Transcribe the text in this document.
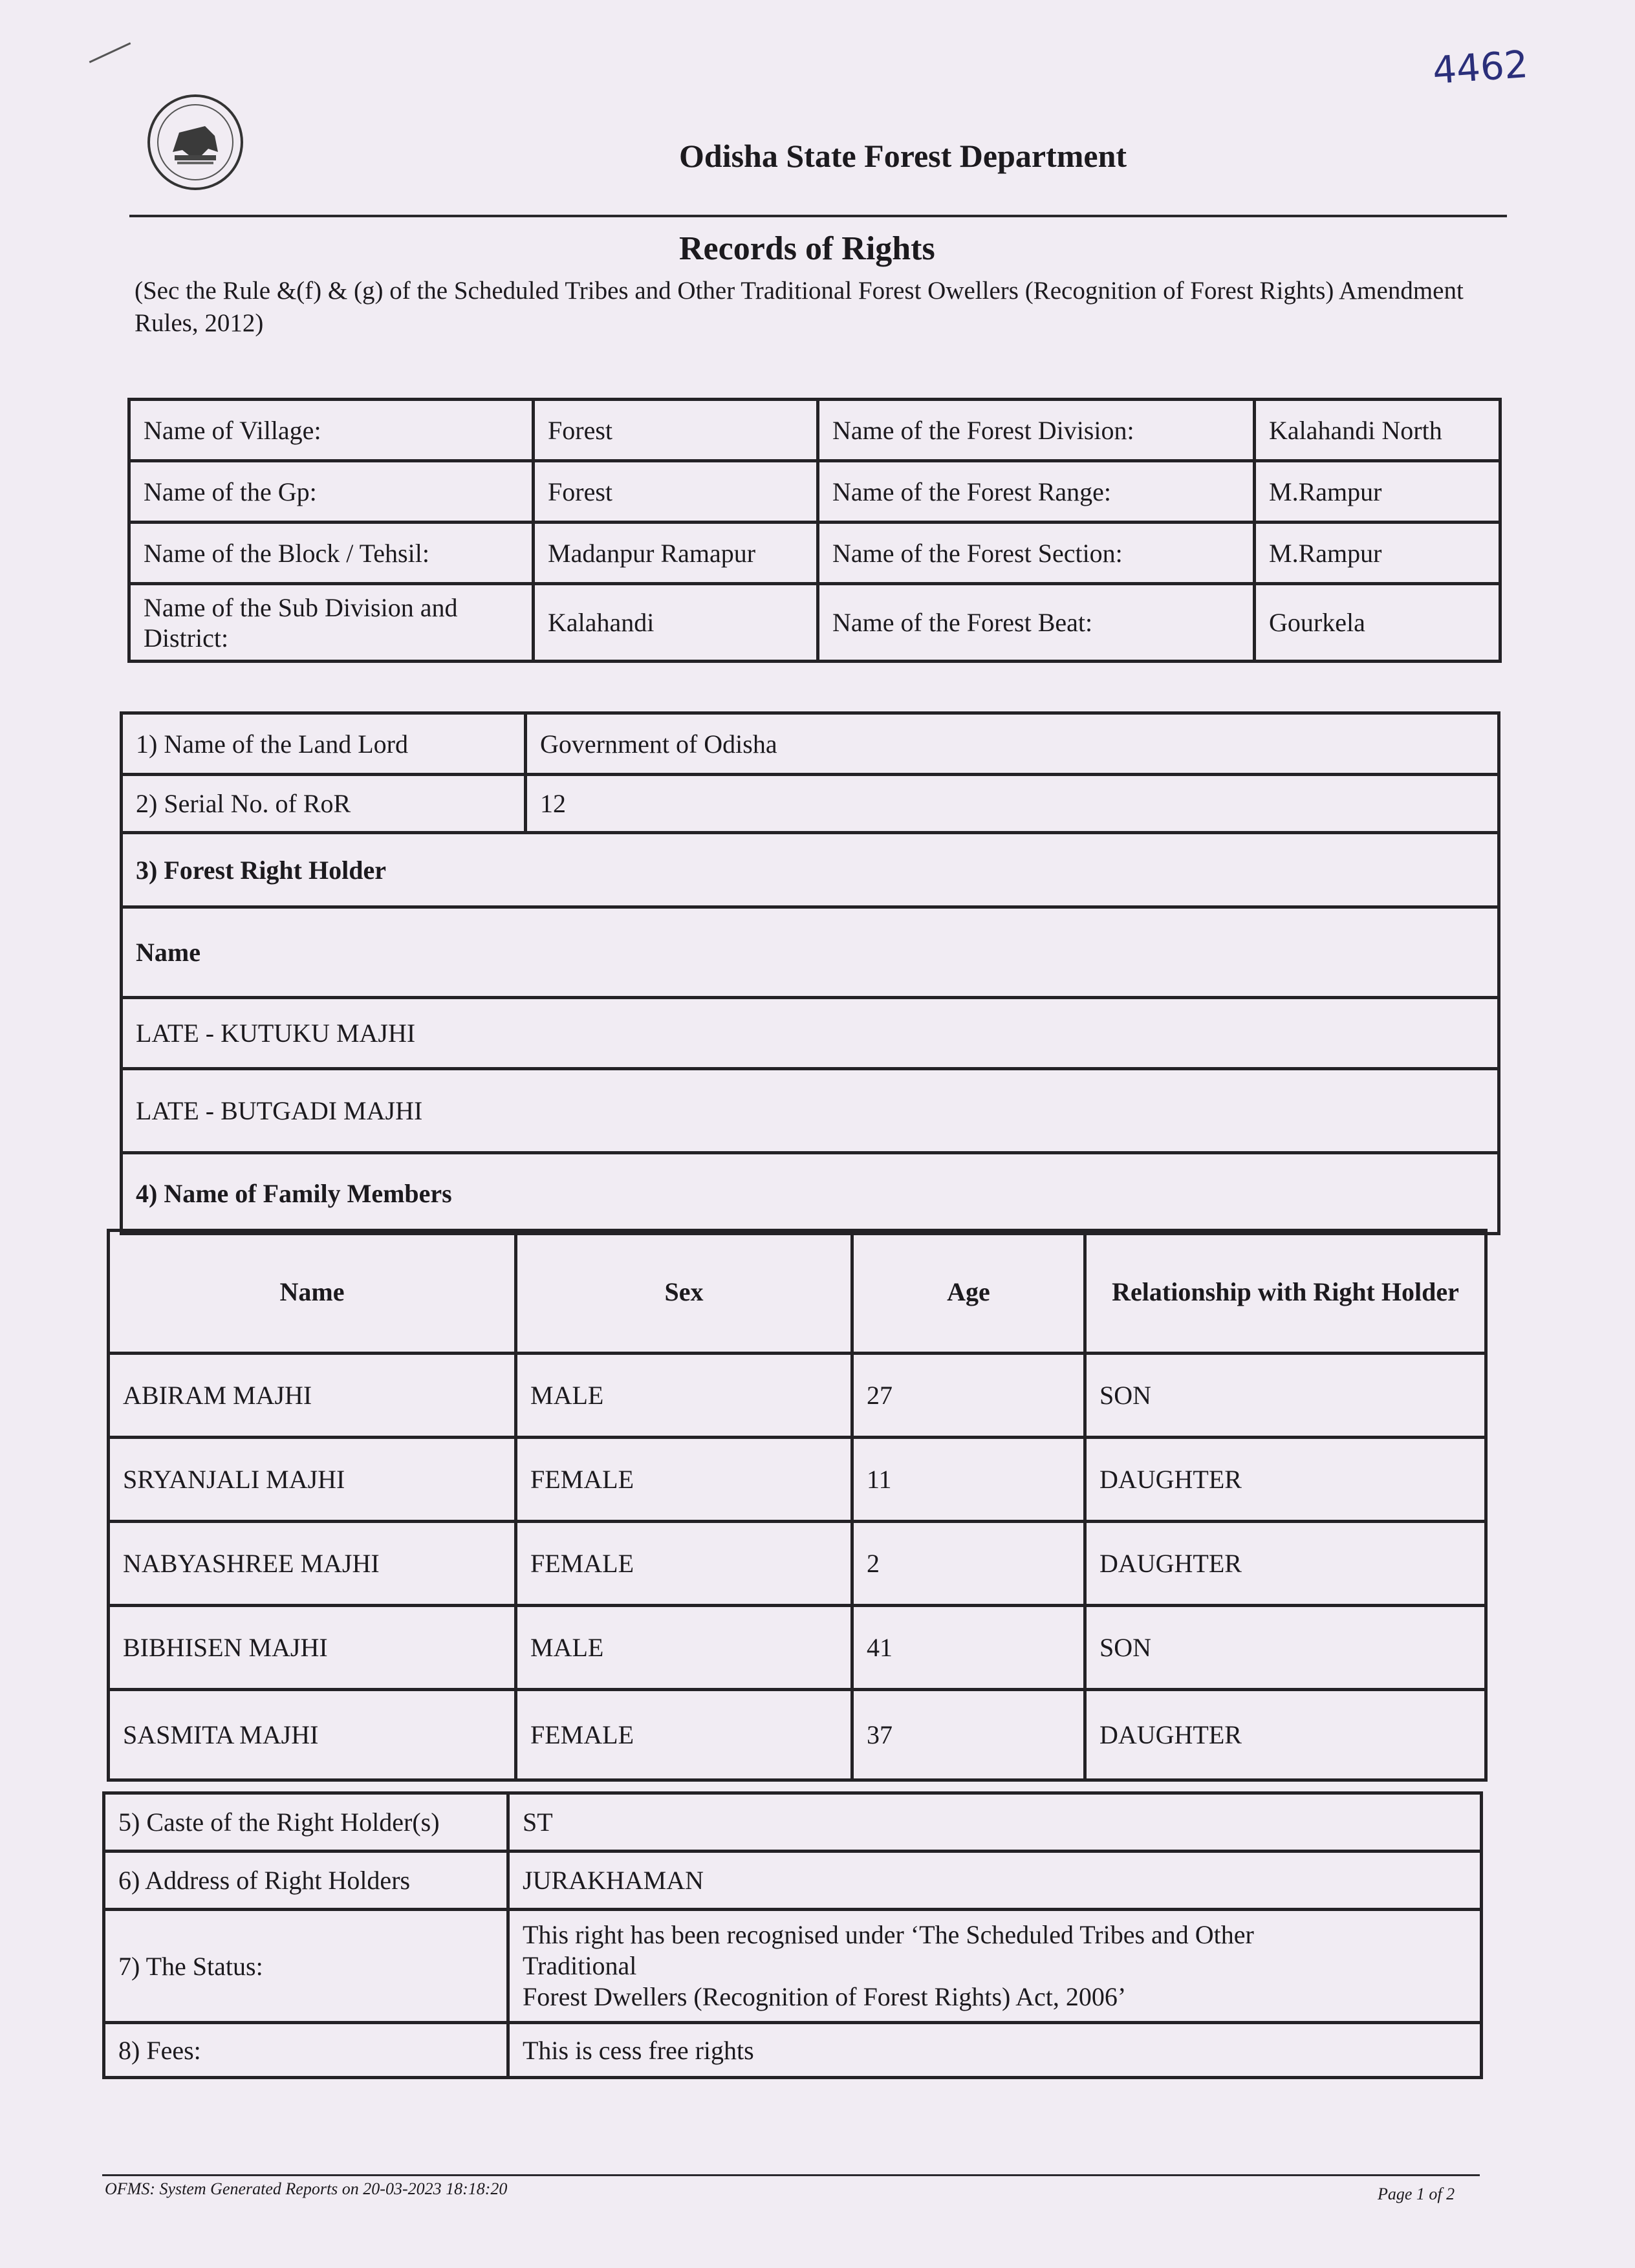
4462
Odisha State Forest Department
Records of Rights
(Sec the Rule &(f) & (g) of the Scheduled Tribes and Other Traditional Forest Owellers (Recognition of Forest Rights) Amendment Rules, 2012)
Name of Village:	Forest	Name of the Forest Division:	Kalahandi North
Name of the Gp:	Forest	Name of the Forest Range:	M.Rampur
Name of the Block / Tehsil:	Madanpur Ramapur	Name of the Forest Section:	M.Rampur
Name of the Sub Division and District:	Kalahandi	Name of the Forest Beat:	Gourkela
1) Name of the Land Lord	Government of Odisha
2) Serial No. of RoR	12
3) Forest Right Holder	
Name	
LATE - KUTUKU MAJHI	
LATE - BUTGADI MAJHI	
4) Name of Family Members	
Name	Sex	Age	Relationship with Right Holder
ABIRAM MAJHI	MALE	27	SON
SRYANJALI MAJHI	FEMALE	11	DAUGHTER
NABYASHREE MAJHI	FEMALE	2	DAUGHTER
BIBHISEN MAJHI	MALE	41	SON
SASMITA MAJHI	FEMALE	37	DAUGHTER
5) Caste of the Right Holder(s)	ST
6) Address of Right Holders	JURAKHAMAN
7) The Status:	This right has been recognised under ‘The Scheduled Tribes and Other
Traditional
Forest Dwellers (Recognition of Forest Rights) Act, 2006’

8) Fees:	This is cess free rights
OFMS: System Generated Reports on 20-03-2023 18:18:20	Page 1 of 2
